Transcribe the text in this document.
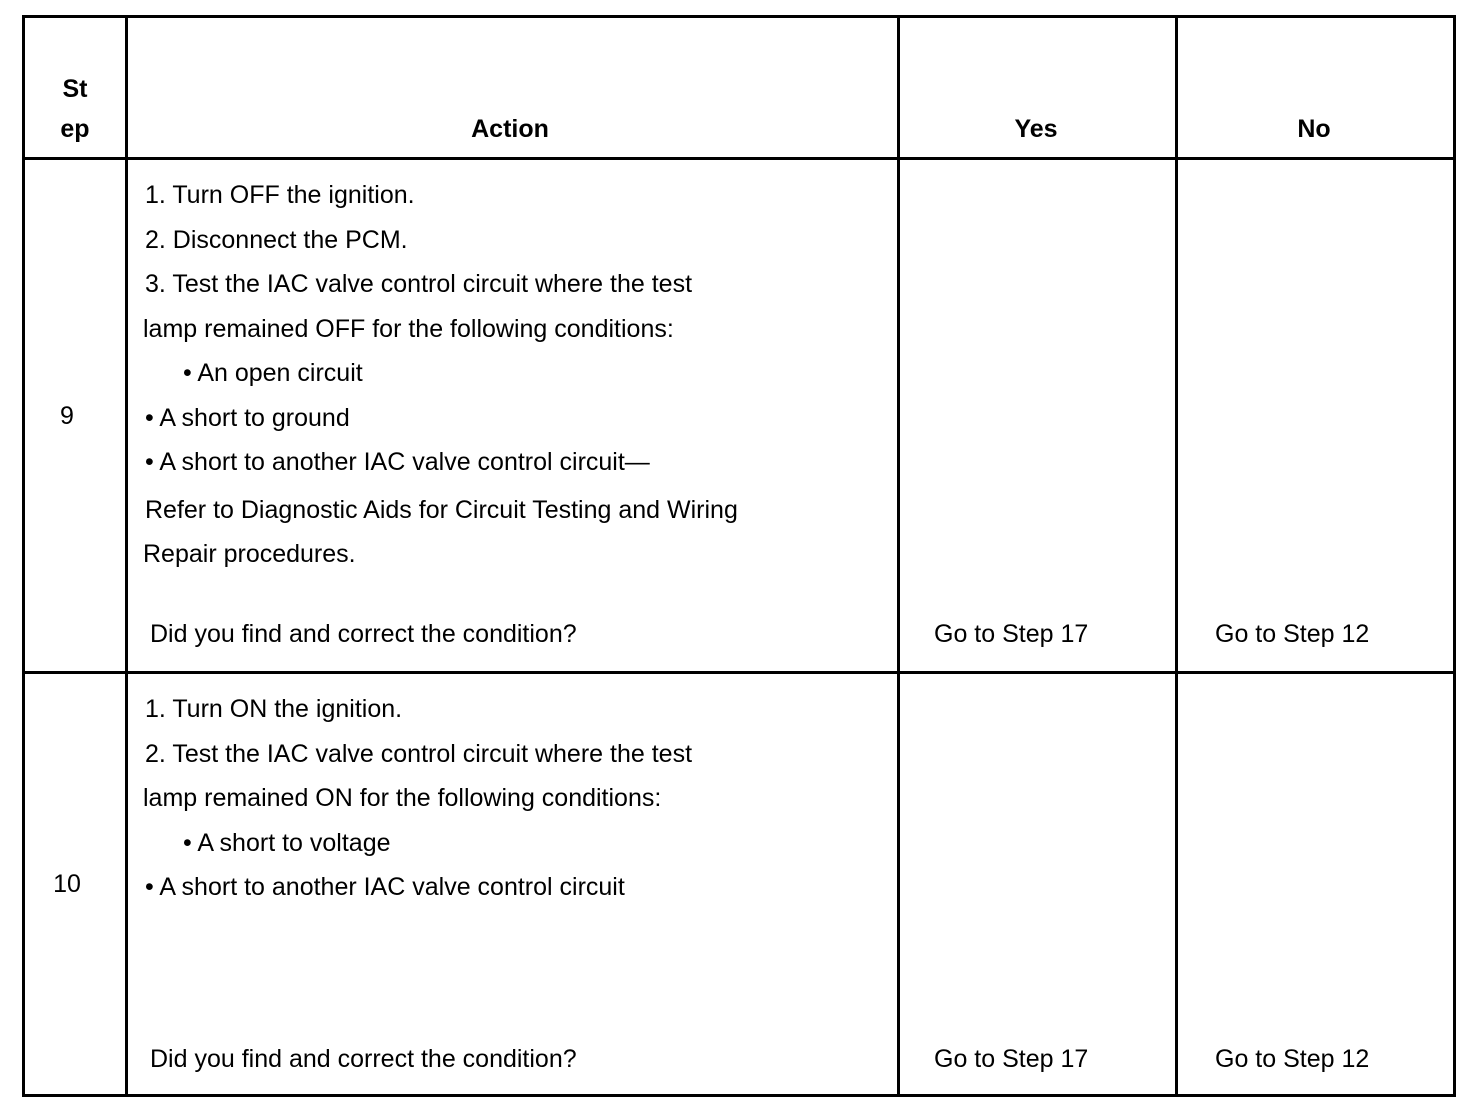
St
ep	Action	Yes	No
9
1. Turn OFF the ignition.
2. Disconnect the PCM.
3. Test the IAC valve control circuit where the test
lamp remained OFF for the following conditions:
• An open circuit
• A short to ground
• A short to another IAC valve control circuit—
Refer to Diagnostic Aids for Circuit Testing and Wiring
Repair procedures.
Did you find and correct the condition?	Go to Step 17	Go to Step 12
10
1. Turn ON the ignition.
2. Test the IAC valve control circuit where the test
lamp remained ON for the following conditions:
• A short to voltage
• A short to another IAC valve control circuit
Did you find and correct the condition?	Go to Step 17	Go to Step 12
